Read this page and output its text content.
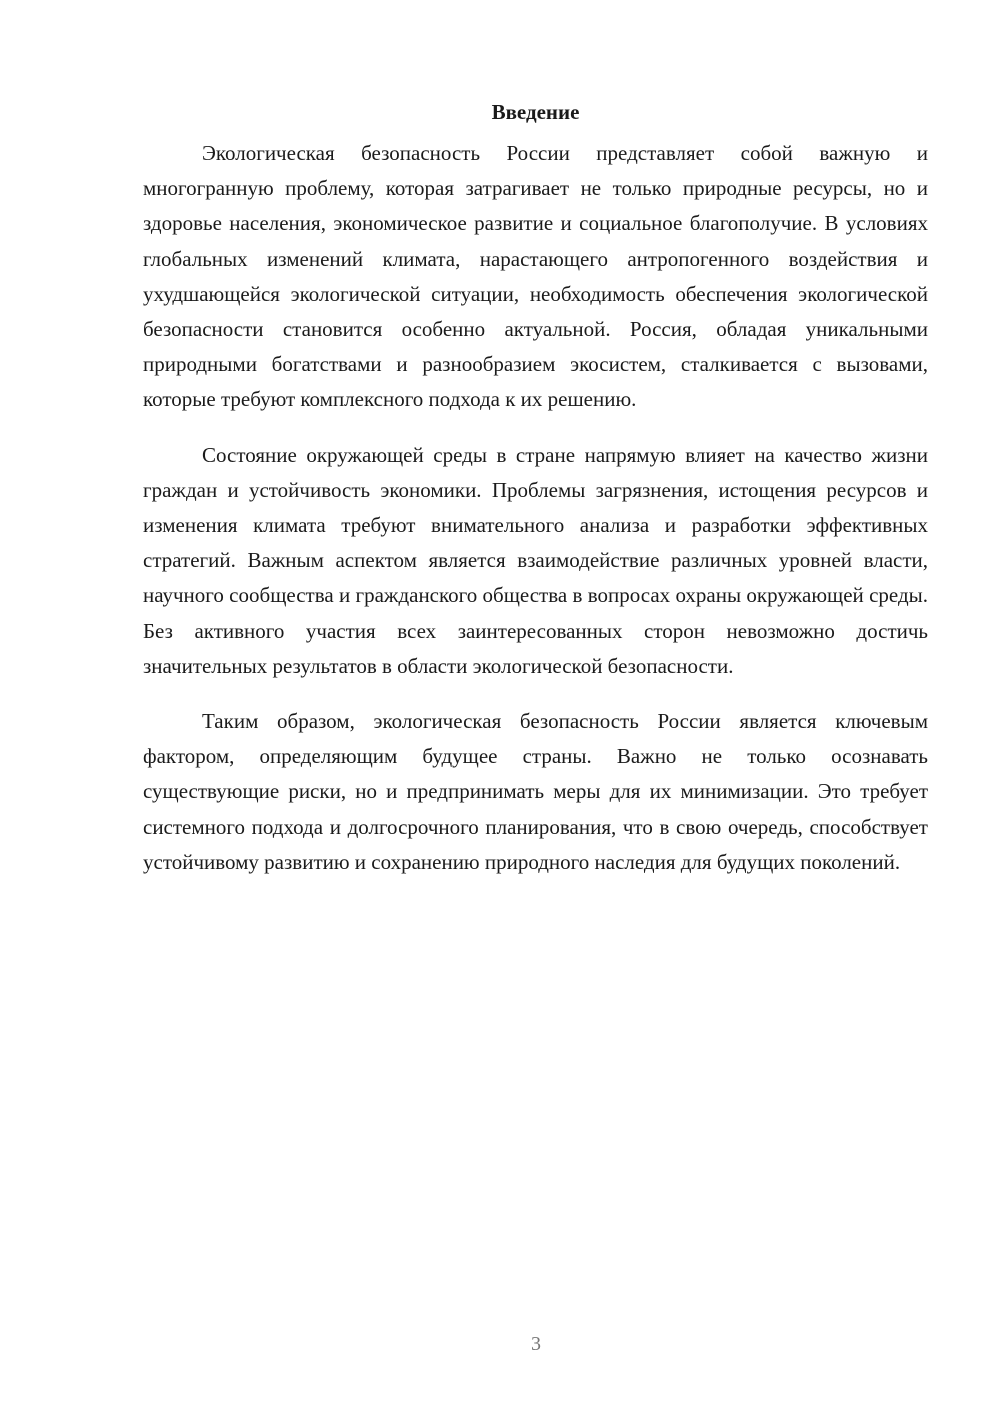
Введение

Экологическая безопасность России представляет собой важную и многогранную проблему, которая затрагивает не только природные ресурсы, но и здоровье населения, экономическое развитие и социальное благополучие. В условиях глобальных изменений климата, нарастающего антропогенного воздействия и ухудшающейся экологической ситуации, необходимость обеспечения экологической безопасности становится особенно актуальной. Россия, обладая уникальными природными богатствами и разнообразием экосистем, сталкивается с вызовами, которые требуют комплексного подхода к их решению.

Состояние окружающей среды в стране напрямую влияет на качество жизни граждан и устойчивость экономики. Проблемы загрязнения, истощения ресурсов и изменения климата требуют внимательного анализа и разработки эффективных стратегий. Важным аспектом является взаимодействие различных уровней власти, научного сообщества и гражданского общества в вопросах охраны окружающей среды. Без активного участия всех заинтересованных сторон невозможно достичь значительных результатов в области экологической безопасности.

Таким образом, экологическая безопасность России является ключевым фактором, определяющим будущее страны. Важно не только осознавать существующие риски, но и предпринимать меры для их минимизации. Это требует системного подхода и долгосрочного планирования, что в свою очередь, способствует устойчивому развитию и сохранению природного наследия для будущих поколений.

3
